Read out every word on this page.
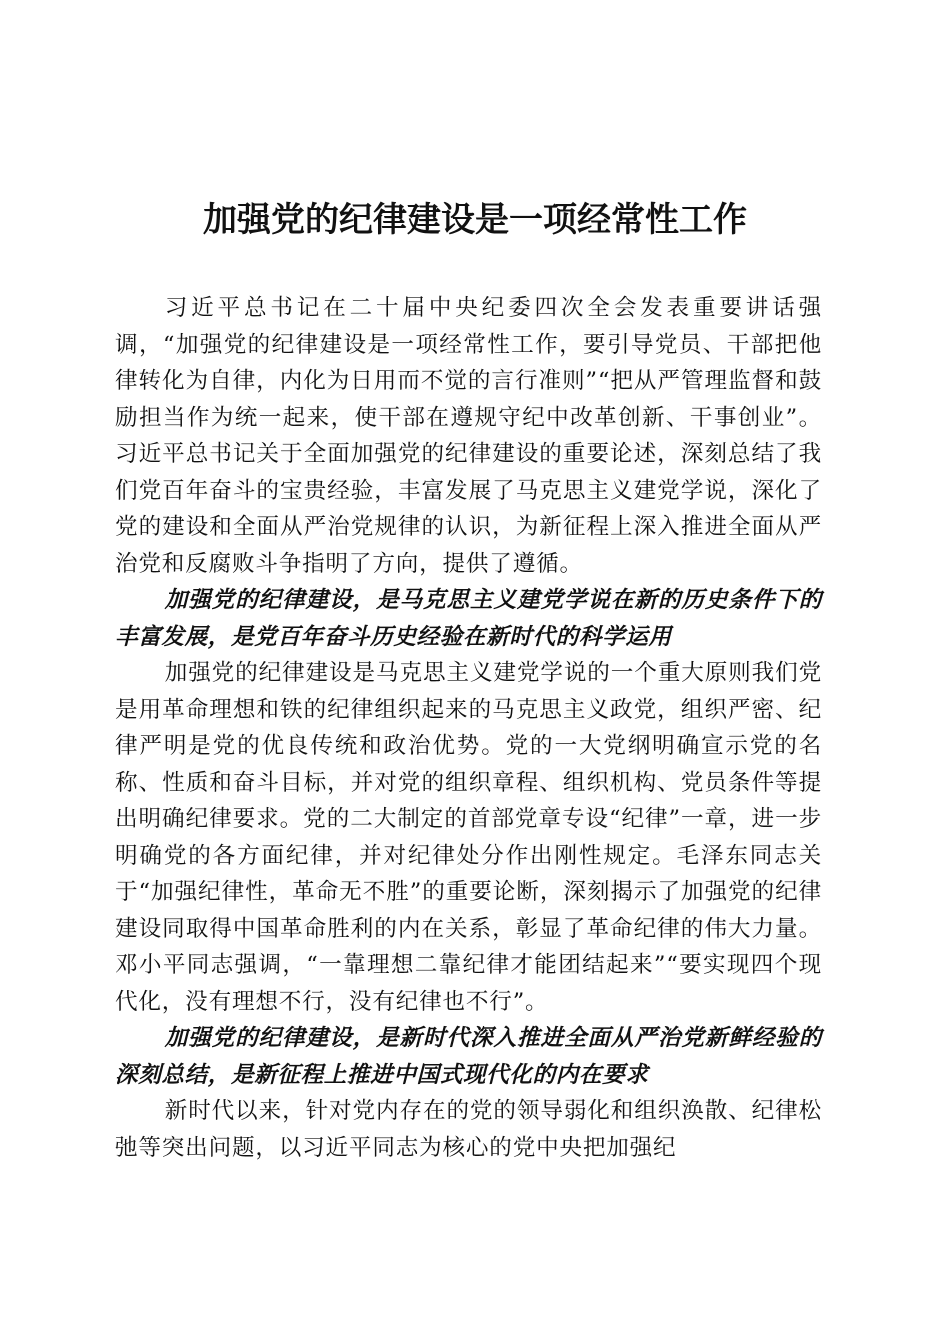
加强党的纪律建设是一项经常性工作

习近平总书记在二十届中央纪委四次全会发表重要讲话强调，“加强党的纪律建设是一项经常性工作，要引导党员、干部把他律转化为自律，内化为日用而不觉的言行准则”“把从严管理监督和鼓励担当作为统一起来，使干部在遵规守纪中改革创新、干事创业”。习近平总书记关于全面加强党的纪律建设的重要论述，深刻总结了我们党百年奋斗的宝贵经验，丰富发展了马克思主义建党学说，深化了党的建设和全面从严治党规律的认识，为新征程上深入推进全面从严治党和反腐败斗争指明了方向，提供了遵循。

加强党的纪律建设，是马克思主义建党学说在新的历史条件下的丰富发展，是党百年奋斗历史经验在新时代的科学运用

加强党的纪律建设是马克思主义建党学说的一个重大原则我们党是用革命理想和铁的纪律组织起来的马克思主义政党，组织严密、纪律严明是党的优良传统和政治优势。党的一大党纲明确宣示党的名称、性质和奋斗目标，并对党的组织章程、组织机构、党员条件等提出明确纪律要求。党的二大制定的首部党章专设“纪律”一章，进一步明确党的各方面纪律，并对纪律处分作出刚性规定。毛泽东同志关于“加强纪律性，革命无不胜”的重要论断，深刻揭示了加强党的纪律建设同取得中国革命胜利的内在关系，彰显了革命纪律的伟大力量。邓小平同志强调，“一靠理想二靠纪律才能团结起来”“要实现四个现代化，没有理想不行，没有纪律也不行”。

加强党的纪律建设，是新时代深入推进全面从严治党新鲜经验的深刻总结，是新征程上推进中国式现代化的内在要求

新时代以来，针对党内存在的党的领导弱化和组织涣散、纪律松弛等突出问题，以习近平同志为核心的党中央把加强纪
